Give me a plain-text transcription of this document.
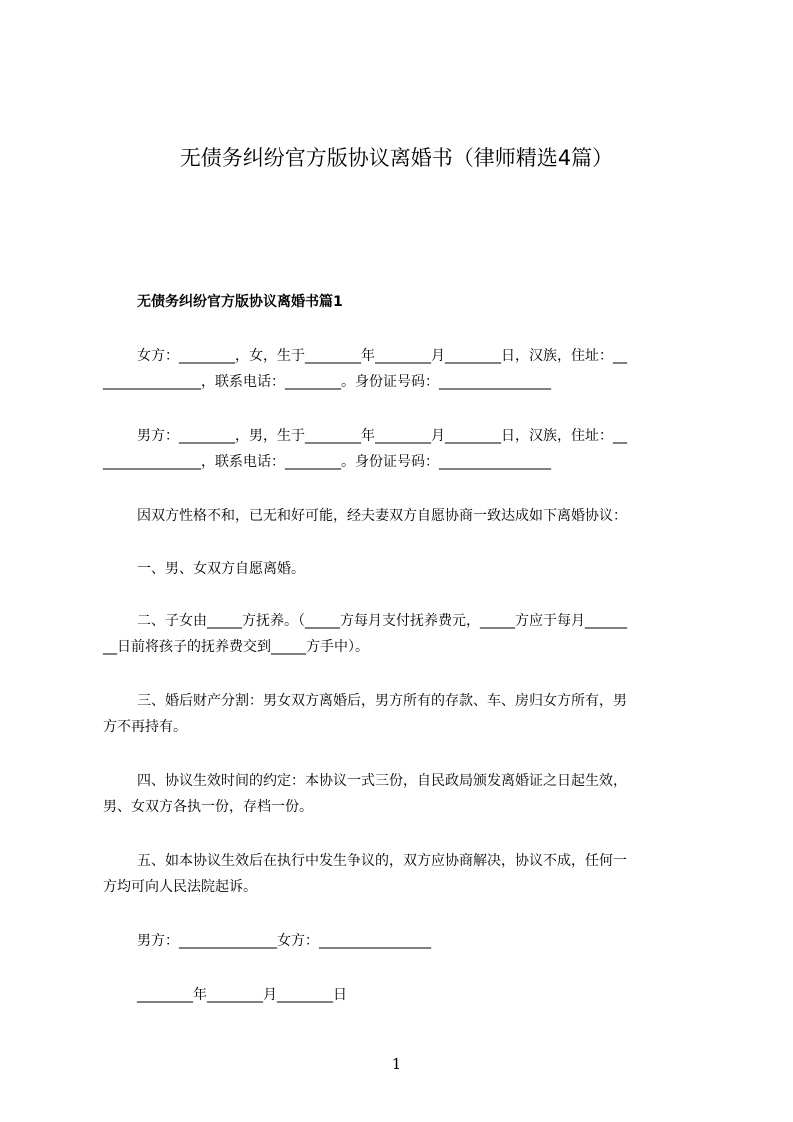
无债务纠纷官方版协议离婚书（律师精选4篇）
无债务纠纷官方版协议离婚书篇1
女方：________，女，生于________年________月________日，汉族，住址：__
______________，联系电话：________。身份证号码：________________
男方：________，男，生于________年________月________日，汉族，住址：__
______________，联系电话：________。身份证号码：________________
因双方性格不和，已无和好可能，经夫妻双方自愿协商一致达成如下离婚协议：
一、男、女双方自愿离婚。
二、子女由_____方抚养。（_____方每月支付抚养费元，_____方应于每月______
__日前将孩子的抚养费交到_____方手中）。
三、婚后财产分割：男女双方离婚后，男方所有的存款、车、房归女方所有，男
方不再持有。
四、协议生效时间的约定：本协议一式三份，自民政局颁发离婚证之日起生效，
男、女双方各执一份，存档一份。
五、如本协议生效后在执行中发生争议的，双方应协商解决，协议不成，任何一
方均可向人民法院起诉。
男方：______________女方：________________
________年________月________日
1
